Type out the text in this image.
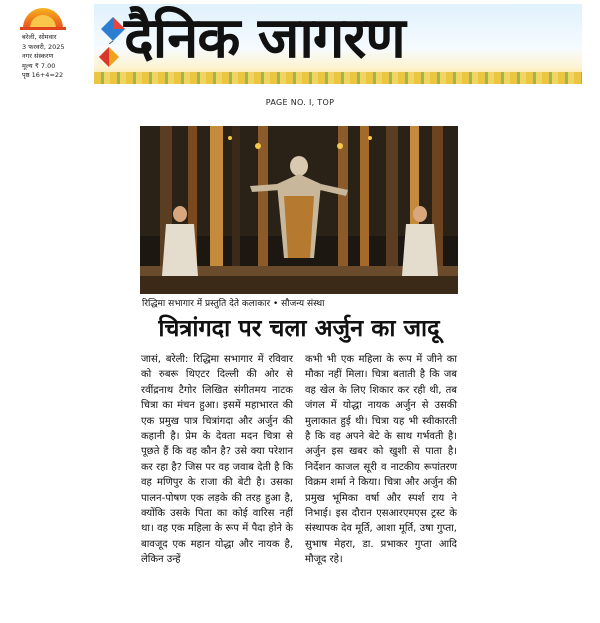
बरेली, सोमवार
3 फरवरी, 2025
नगर संस्करण
मूल्य ₹ 7.00
पृष्ठ 16+4=22
दैनिक जागरण
PAGE NO. I, TOP
रिद्धिमा सभागार में प्रस्तुति देते कलाकार • सौजन्य संस्था
चित्रांगदा पर चला अर्जुन का जादू
जासं, बरेली: रिद्धिमा सभागार में रविवार को रुबरू थिएटर दिल्ली की ओर से रवींद्रनाथ टैगोर लिखित संगीतमय नाटक चित्रा का मंचन हुआ। इसमें महाभारत की एक प्रमुख पात्र चित्रांगदा और अर्जुन की कहानी है। प्रेम के देवता मदन चित्रा से पूछते हैं कि वह कौन है? उसे क्या परेशान कर रहा है? जिस पर वह जवाब देती है कि वह मणिपुर के राजा की बेटी है। उसका पालन-पोषण एक लड़के की तरह हुआ है, क्योंकि उसके पिता का कोई वारिस नहीं था। वह एक महिला के रूप में पैदा होने के बावजूद एक महान योद्धा और नायक है, लेकिन उन्हें
कभी भी एक महिला के रूप में जीने का मौका नहीं मिला। चित्रा बताती है कि जब वह खेल के लिए शिकार कर रही थी, तब जंगल में योद्धा नायक अर्जुन से उसकी मुलाकात हुई थी। चित्रा यह भी स्वीकारती है कि वह अपने बेटे के साथ गर्भवती है। अर्जुन इस खबर को खुशी से पाता है। निर्देशन काजल सूरी व नाटकीय रूपांतरण विक्रम शर्मा ने किया। चित्रा और अर्जुन की प्रमुख भूमिका वर्षा और स्पर्श राय ने निभाई। इस दौरान एसआरएमएस ट्रस्ट के संस्थापक देव मूर्ति, आशा मूर्ति, उषा गुप्ता, सुभाष मेहरा, डा. प्रभाकर गुप्ता आदि मौजूद रहे।
